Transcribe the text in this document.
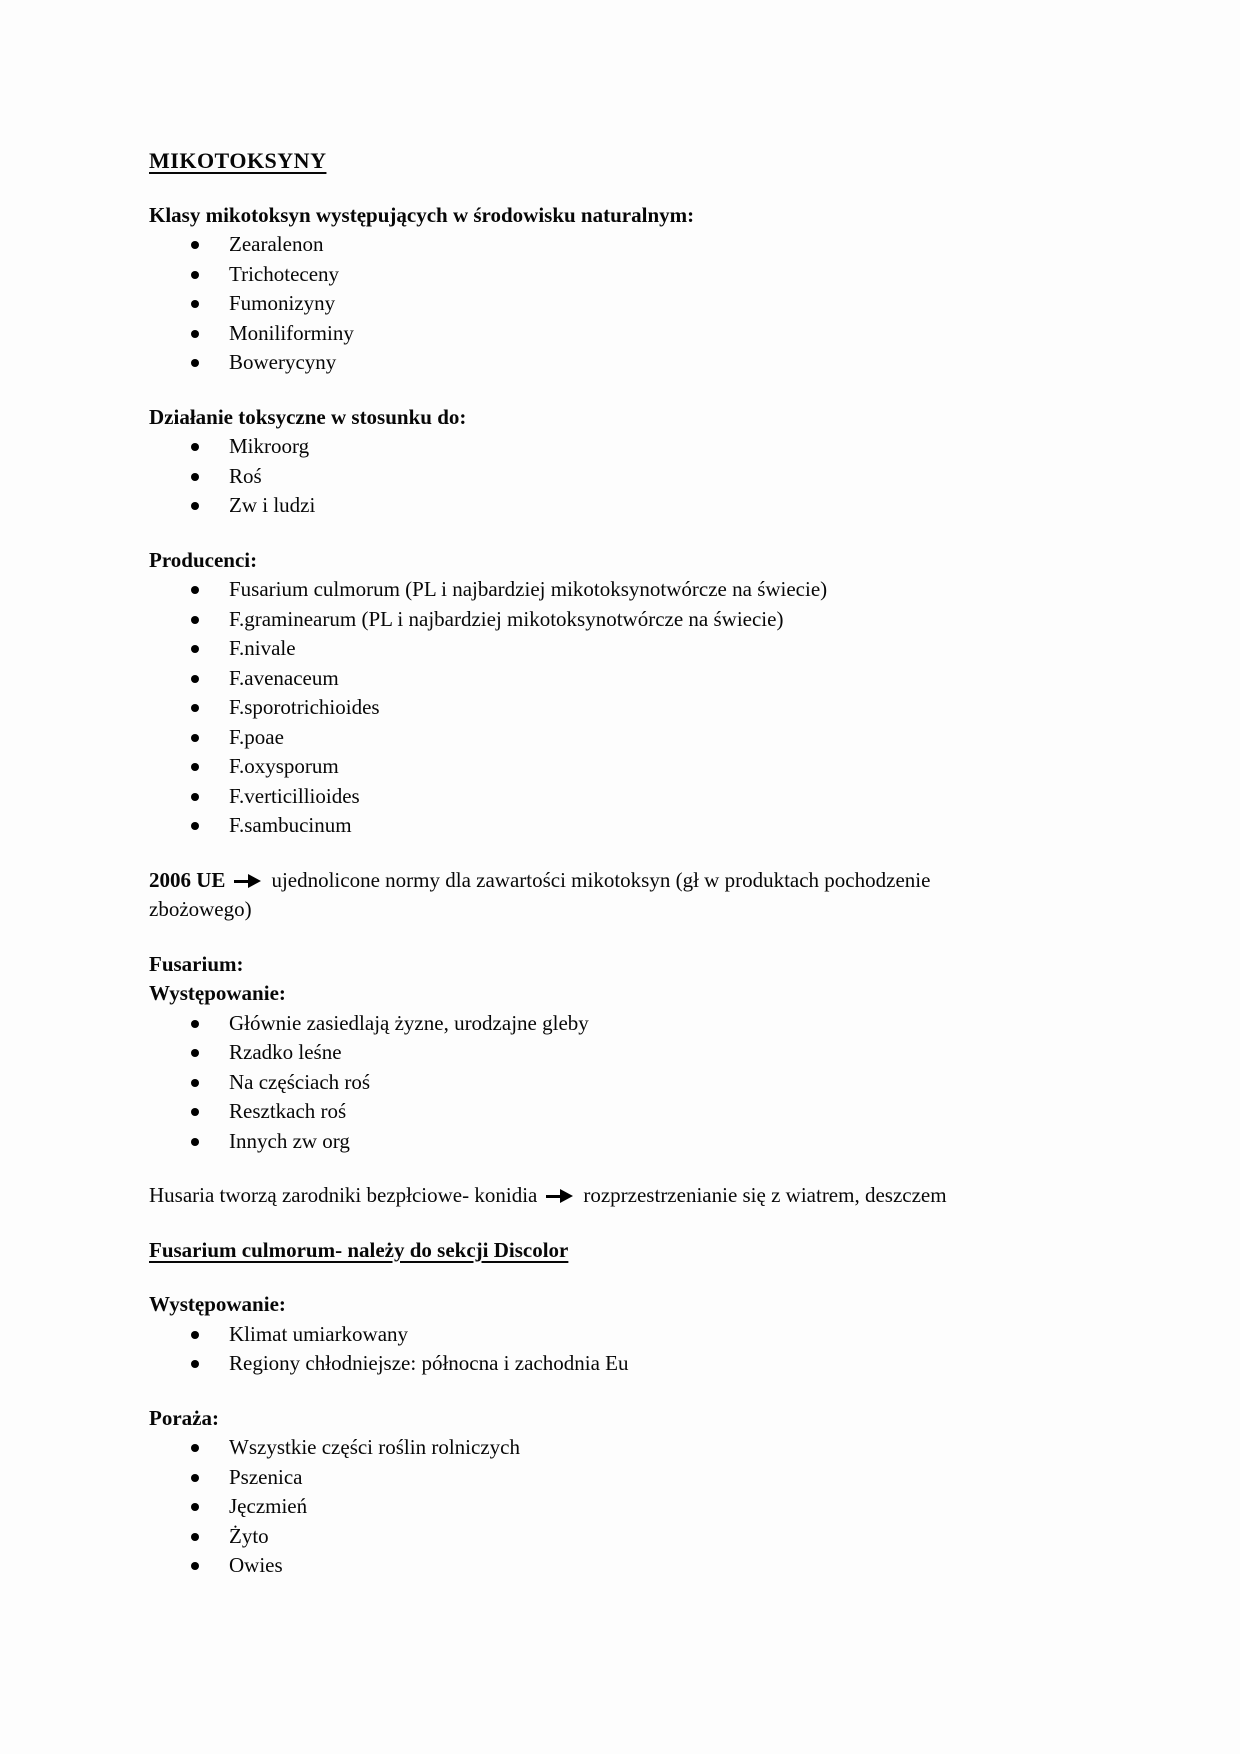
MIKOTOKSYNY
Klasy mikotoksyn występujących w środowisku naturalnym:
Zearalenon
Trichoteceny
Fumonizyny
Moniliforminy
Bowerycyny
Działanie toksyczne w stosunku do:
Mikroorg
Roś
Zw i ludzi
Producenci:
Fusarium culmorum (PL i najbardziej mikotoksynotwórcze na świecie)
F.graminearum (PL i najbardziej mikotoksynotwórcze na świecie)
F.nivale
F.avenaceum
F.sporotrichioides
F.poae
F.oxysporum
F.verticillioides
F.sambucinum

2006 UE ujednolicone normy dla zawartości mikotoksyn (gł w produktach pochodzenie zbożowego)

Fusarium:
Występowanie:
Głównie zasiedlają żyzne, urodzajne gleby
Rzadko leśne
Na częściach roś
Resztkach roś
Innych zw org

Husaria tworzą zarodniki bezpłciowe- konidia rozprzestrzenianie się z wiatrem, deszczem

Fusarium culmorum- należy do sekcji Discolor
Występowanie:
Klimat umiarkowany
Regiony chłodniejsze: północna i zachodnia Eu
Poraża:
Wszystkie części roślin rolniczych
Pszenica
Jęczmień
Żyto
Owies
